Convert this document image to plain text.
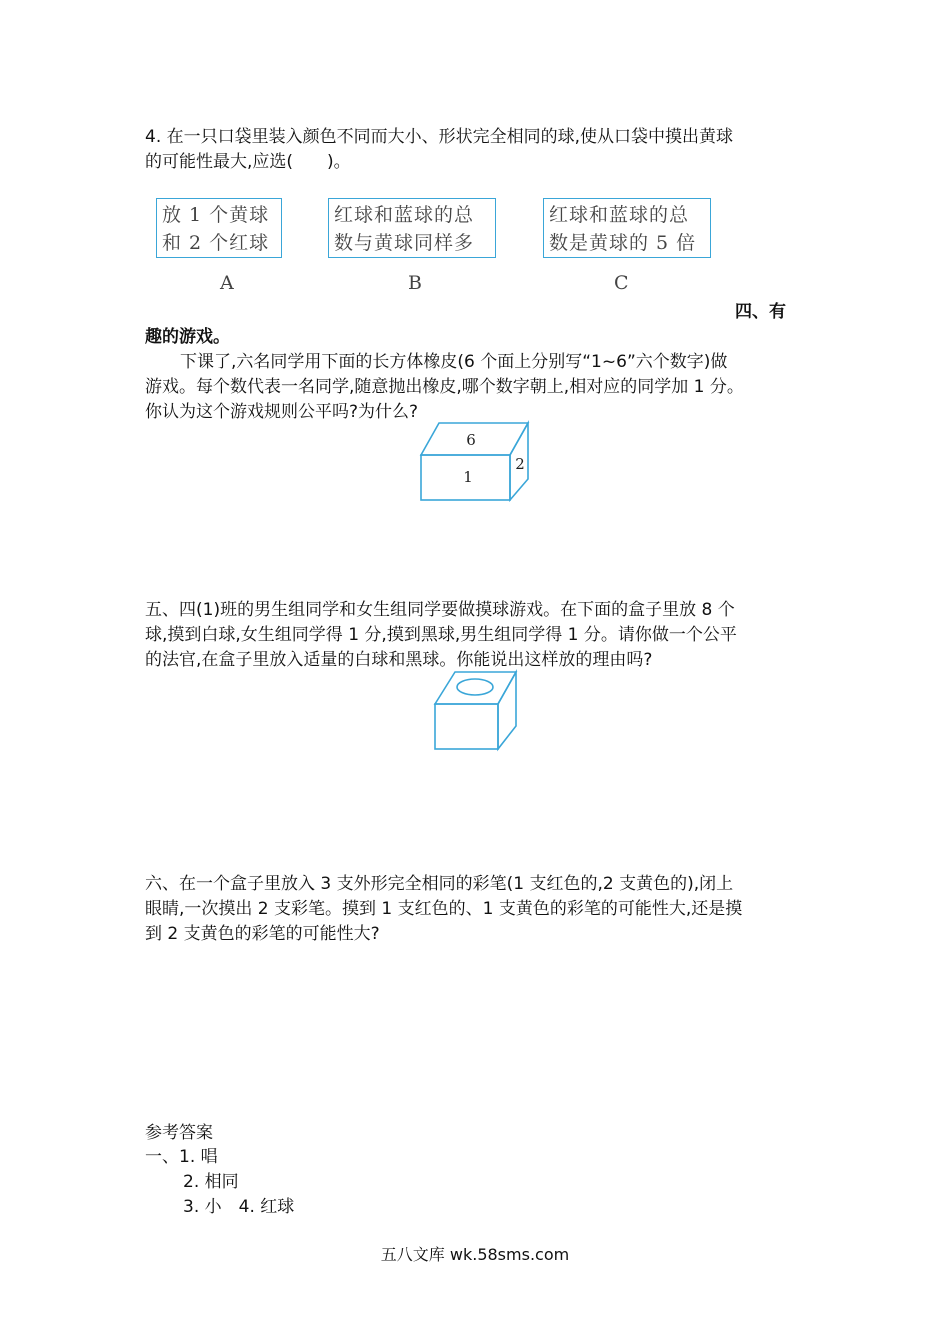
4. 在一只口袋里装入颜色不同而大小、形状完全相同的球,使从口袋中摸出黄球
的可能性最大,应选(　　)。
放 1 个黄球
和 2 个红球
红球和蓝球的总
数与黄球同样多
红球和蓝球的总
数是黄球的 5 倍
A	B	C
四、有
趣的游戏。
下课了,六名同学用下面的长方体橡皮(6 个面上分别写“1~6”六个数字)做
游戏。每个数代表一名同学,随意抛出橡皮,哪个数字朝上,相对应的同学加 1 分。
你认为这个游戏规则公平吗?为什么?
6
1
2
五、四(1)班的男生组同学和女生组同学要做摸球游戏。在下面的盒子里放 8 个
球,摸到白球,女生组同学得 1 分,摸到黑球,男生组同学得 1 分。请你做一个公平
的法官,在盒子里放入适量的白球和黑球。你能说出这样放的理由吗?
六、在一个盒子里放入 3 支外形完全相同的彩笔(1 支红色的,2 支黄色的),闭上
眼睛,一次摸出 2 支彩笔。摸到 1 支红色的、1 支黄色的彩笔的可能性大,还是摸
到 2 支黄色的彩笔的可能性大?
参考答案
一、1. 唱
2. 相同
3. 小　4. 红球
五八文库 wk.58sms.com
